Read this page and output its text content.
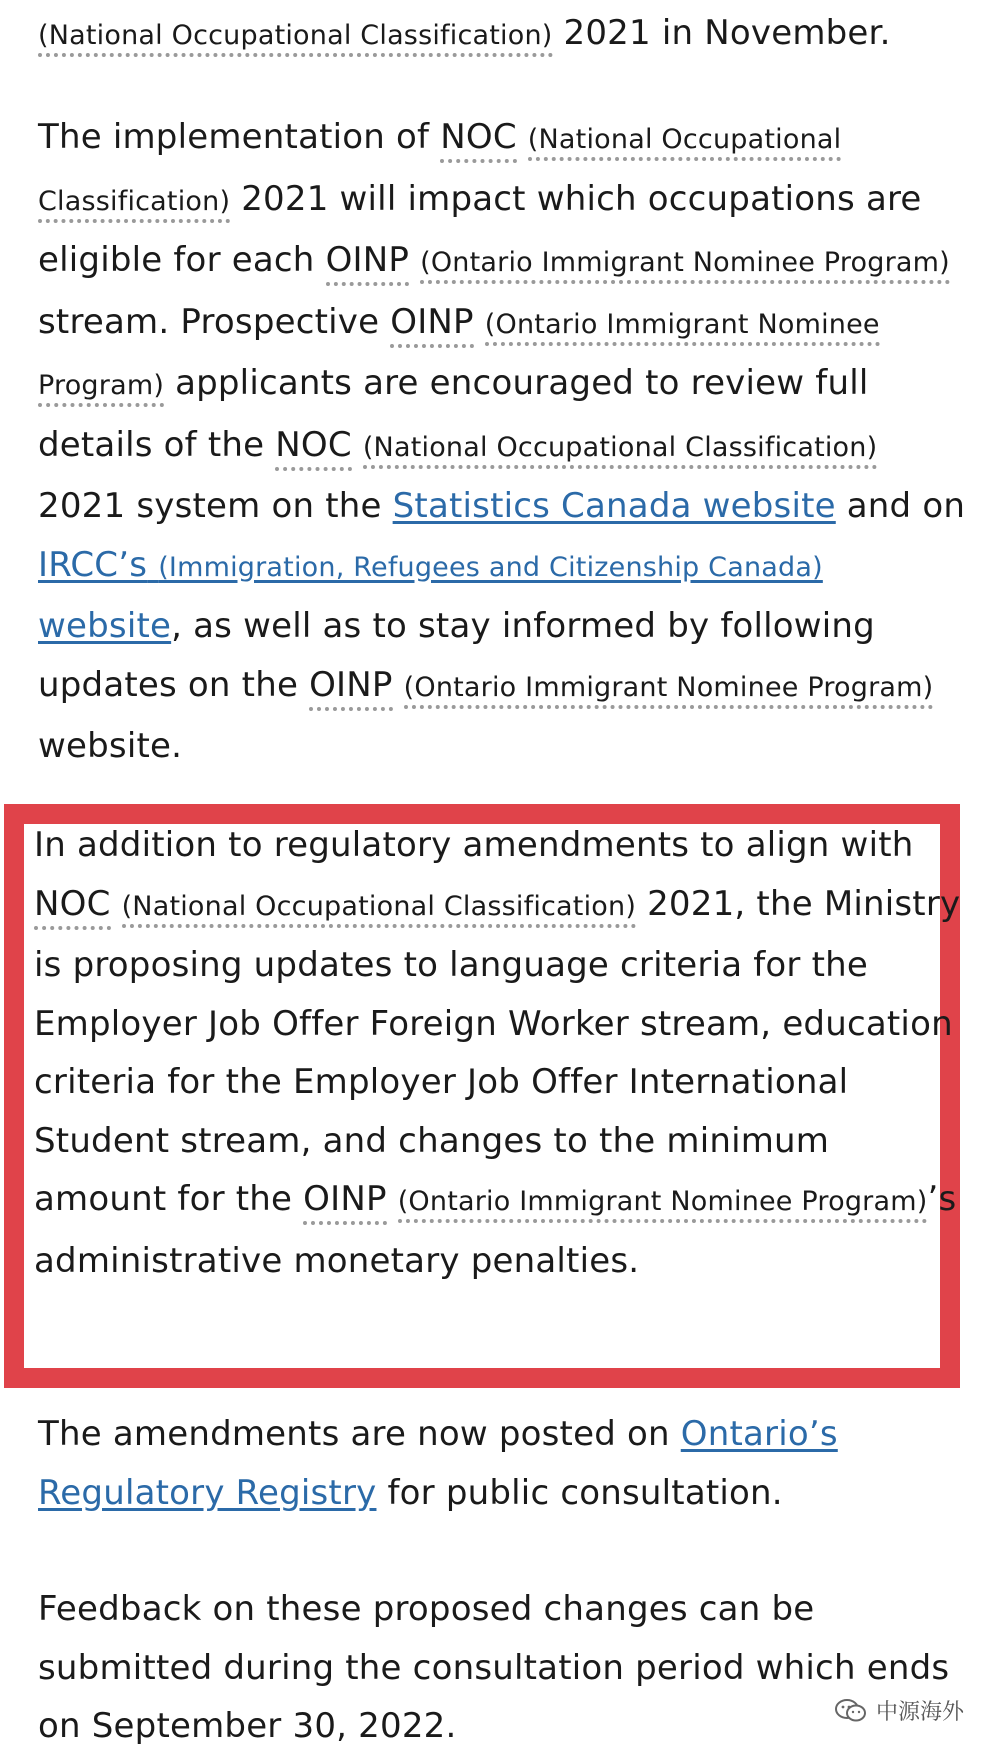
(National Occupational Classification) 2021 in November.

The implementation of NOC (National Occupational Classification) 2021 will impact which occupations are eligible for each OINP (Ontario Immigrant Nominee Program) stream. Prospective OINP (Ontario Immigrant Nominee Program) applicants are encouraged to review full details of the NOC (National Occupational Classification) 2021 system on the Statistics Canada website and on IRCC’s (Immigration, Refugees and Citizenship Canada) website, as well as to stay informed by following updates on the OINP (Ontario Immigrant Nominee Program) website.

The amendments are now posted on Ontario’s Regulatory Registry for public consultation.

Feedback on these proposed changes can be submitted during the consultation period which ends on September 30, 2022.

In addition to regulatory amendments to align with NOC (National Occupational Classification) 2021, the Ministry is proposing updates to language criteria for the Employer Job Offer Foreign Worker stream, education criteria for the Employer Job Offer International Student stream, and changes to the minimum amount for the OINP (Ontario Immigrant Nominee Program)’s administrative monetary penalties.

中源海外
